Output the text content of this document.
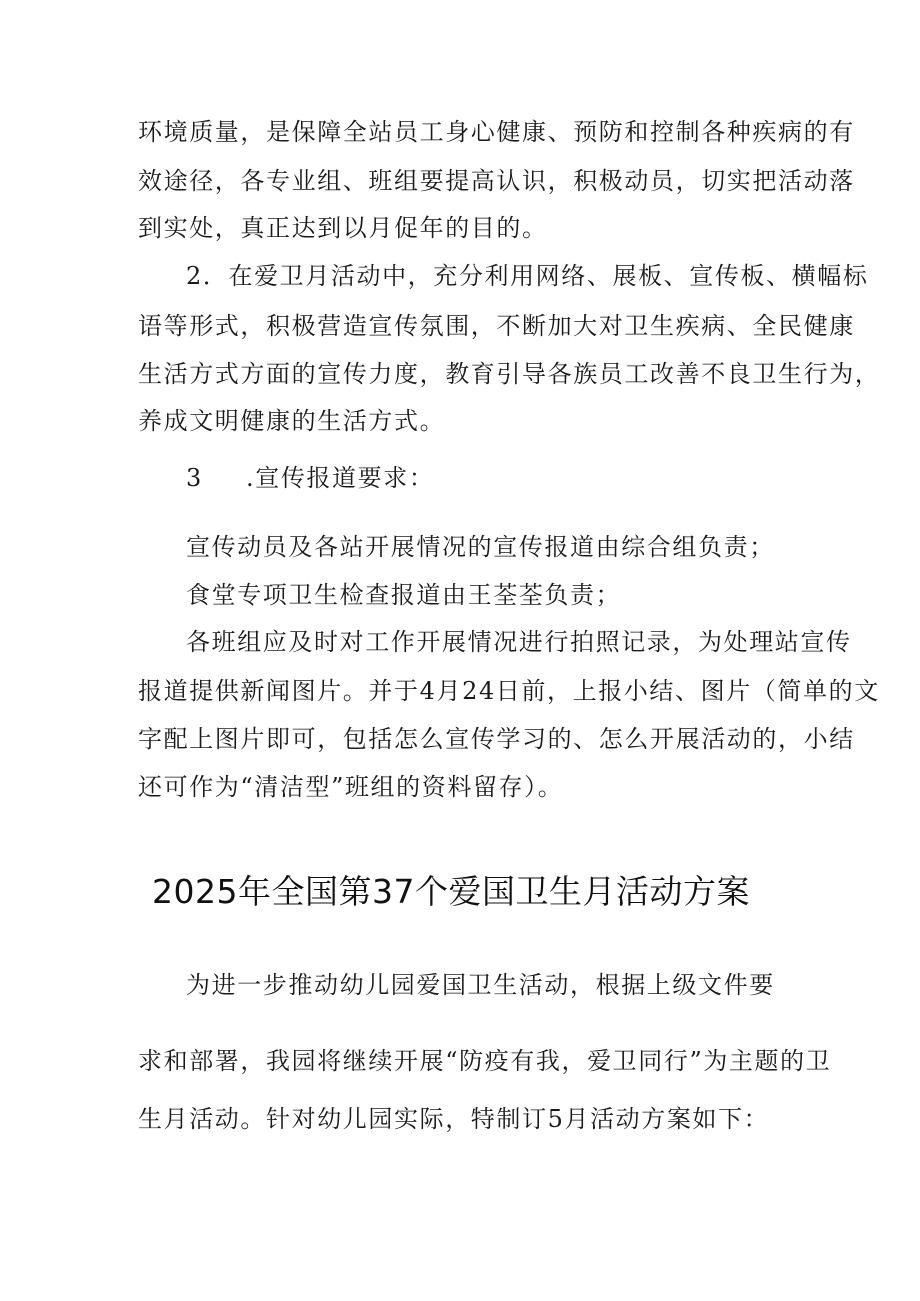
环境质量，是保障全站员工身心健康、预防和控制各种疾病的有
效途径，各专业组、班组要提高认识，积极动员，切实把活动落
到实处，真正达到以月促年的目的。
2．在爱卫月活动中，充分利用网络、展板、宣传板、横幅标
语等形式，积极营造宣传氛围，不断加大对卫生疾病、全民健康
生活方式方面的宣传力度，教育引导各族员工改善不良卫生行为，
养成文明健康的生活方式。
3 .宣传报道要求：
宣传动员及各站开展情况的宣传报道由综合组负责；
食堂专项卫生检查报道由王荃荃负责；
各班组应及时对工作开展情况进行拍照记录，为处理站宣传
报道提供新闻图片。并于4月24日前，上报小结、图片（简单的文
字配上图片即可，包括怎么宣传学习的、怎么开展活动的，小结
还可作为“清洁型”班组的资料留存）。
2025年全国第37个爱国卫生月活动方案
为进一步推动幼儿园爱国卫生活动，根据上级文件要
求和部署，我园将继续开展“防疫有我，爱卫同行”为主题的卫
生月活动。针对幼儿园实际，特制订5月活动方案如下：
